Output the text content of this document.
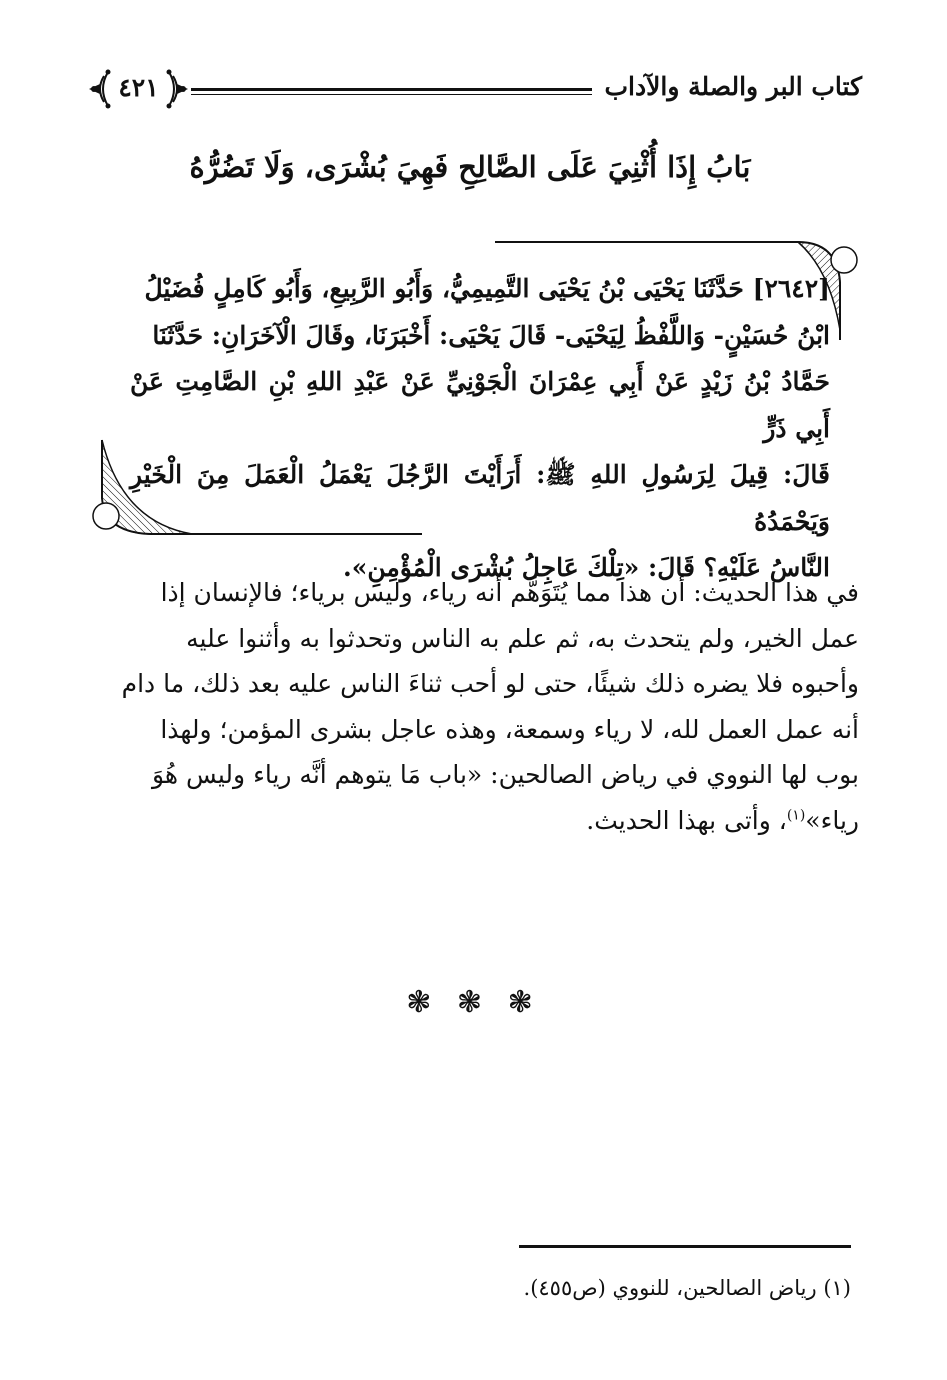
كتاب البر والصلة والآداب
٤٢١
بَابُ إِذَا أُثْنِيَ عَلَى الصَّالِحِ فَهِيَ بُشْرَى، وَلَا تَضُرُّهُ
[٢٦٤٢] حَدَّثَنَا يَحْيَى بْنُ يَحْيَى التَّمِيمِيُّ، وَأَبُو الرَّبِيعِ، وَأَبُو كَامِلٍ فُضَيْلُ
ابْنُ حُسَيْنٍ- وَاللَّفْظُ لِيَحْيَى- قَالَ يَحْيَى: أَخْبَرَنَا، وقَالَ الْآخَرَانِ: حَدَّثَنَا
حَمَّادُ بْنُ زَيْدٍ عَنْ أَبِي عِمْرَانَ الْجَوْنِيِّ عَنْ عَبْدِ اللهِ بْنِ الصَّامِتِ عَنْ أَبِي ذَرٍّ
قَالَ: قِيلَ لِرَسُولِ اللهِ ﷺ: أَرَأَيْتَ الرَّجُلَ يَعْمَلُ الْعَمَلَ مِنَ الْخَيْرِ وَيَحْمَدُهُ
النَّاسُ عَلَيْهِ؟ قَالَ: «تِلْكَ عَاجِلُ بُشْرَى الْمُؤْمِنِ».
في هذا الحديث: أن هذا مما يُتَوَهَّم أنه رياء، وليس برياء؛ فالإنسان إذا
عمل الخير، ولم يتحدث به، ثم علم به الناس وتحدثوا به وأثنوا عليه
وأحبوه فلا يضره ذلك شيئًا، حتى لو أحب ثناءَ الناس عليه بعد ذلك، ما دام
أنه عمل العمل لله، لا رياء وسمعة، وهذه عاجل بشرى المؤمن؛ ولهذا
بوب لها النووي في رياض الصالحين: «باب مَا يتوهم أنَّه رياء وليس هُوَ
رياء»$^{(١)}$، وأتى بهذا الحديث.
❃ ❃ ❃
(١) رياض الصالحين، للنووي (ص٤٥٥).
